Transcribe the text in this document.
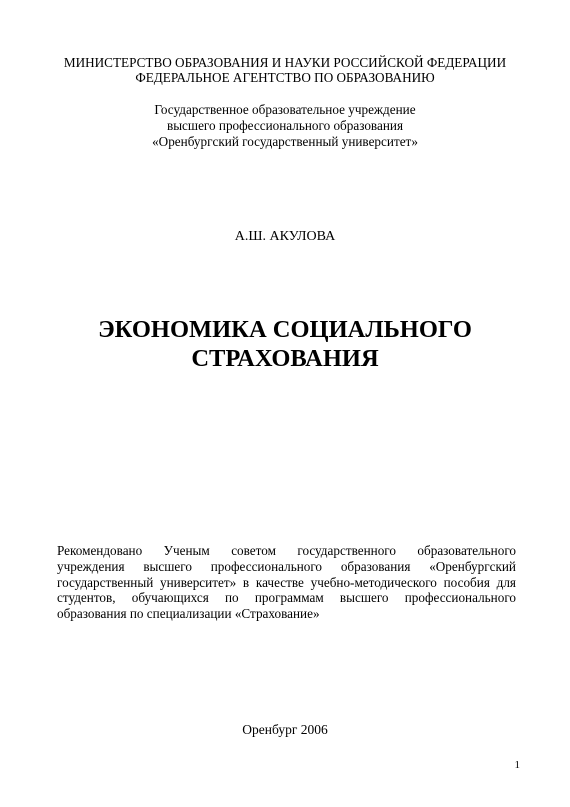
МИНИСТЕРСТВО ОБРАЗОВАНИЯ И НАУКИ РОССИЙСКОЙ ФЕДЕРАЦИИ
ФЕДЕРАЛЬНОЕ АГЕНТСТВО ПО ОБРАЗОВАНИЮ
Государственное образовательное учреждение
высшего профессионального образования
«Оренбургский государственный университет»
А.Ш. АКУЛОВА
ЭКОНОМИКА СОЦИАЛЬНОГО
СТРАХОВАНИЯ
Рекомендовано Ученым советом государственного образовательного
учреждения высшего профессионального образования «Оренбургский
государственный университет» в качестве учебно-методического пособия для
студентов, обучающихся по программам высшего профессионального
образования по специализации «Страхование»
Оренбург 2006
1
